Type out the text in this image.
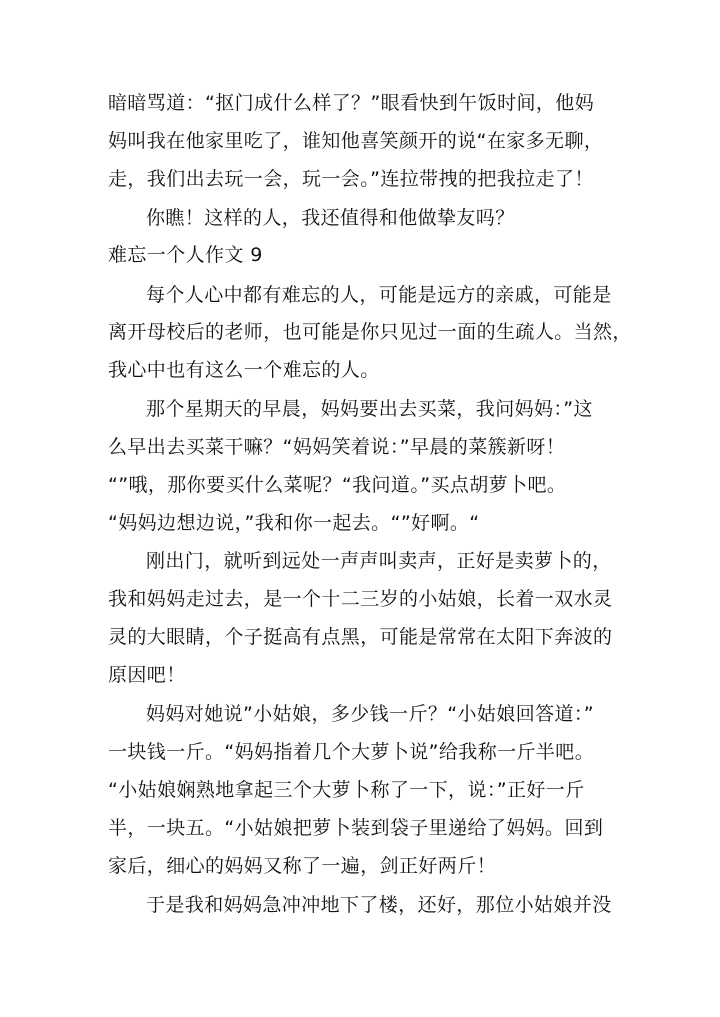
暗暗骂道：“抠门成什么样了？”眼看快到午饭时间，他妈
妈叫我在他家里吃了，谁知他喜笑颜开的说“在家多无聊，
走，我们出去玩一会，玩一会。”连拉带拽的把我拉走了！
你瞧！这样的人，我还值得和他做挚友吗？
难忘一个人作文 9
每个人心中都有难忘的人，可能是远方的亲戚，可能是
离开母校后的老师，也可能是你只见过一面的生疏人。当然，
我心中也有这么一个难忘的人。
那个星期天的早晨，妈妈要出去买菜，我问妈妈：”这
么早出去买菜干嘛？“妈妈笑着说：”早晨的菜簇新呀！
“”哦，那你要买什么菜呢？“我问道。”买点胡萝卜吧。
“妈妈边想边说，”我和你一起去。“”好啊。“
刚出门，就听到远处一声声叫卖声，正好是卖萝卜的，
我和妈妈走过去，是一个十二三岁的小姑娘，长着一双水灵
灵的大眼睛，个子挺高有点黑，可能是常常在太阳下奔波的
原因吧！
妈妈对她说”小姑娘，多少钱一斤？“小姑娘回答道：”
一块钱一斤。“妈妈指着几个大萝卜说”给我称一斤半吧。
“小姑娘娴熟地拿起三个大萝卜称了一下，说：”正好一斤
半，一块五。“小姑娘把萝卜装到袋子里递给了妈妈。回到
家后，细心的妈妈又称了一遍，剑正好两斤！
于是我和妈妈急冲冲地下了楼，还好，那位小姑娘并没
